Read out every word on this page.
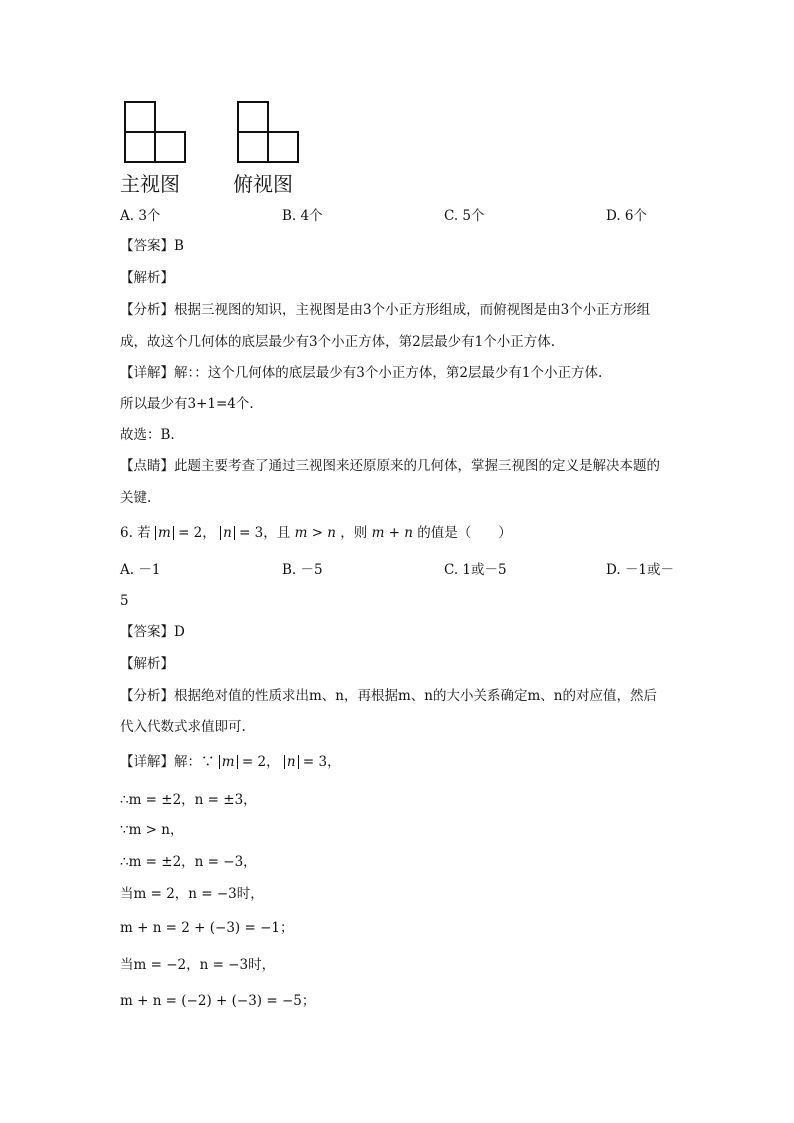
主视图	俯视图
A. 3个	B. 4个	C. 5个	D. 6个
【答案】B
【解析】
【分析】根据三视图的知识，主视图是由3个小正方形组成，而俯视图是由3个小正方形组
成，故这个几何体的底层最少有3个小正方体，第2层最少有1个小正方体.
【详解】解：：这个几何体的底层最少有3个小正方体，第2层最少有1个小正方体.
所以最少有3+1=4个.
故选：B.
【点睛】此题主要考查了通过三视图来还原原来的几何体，掌握三视图的定义是解决本题的
关键.
6. 若 m = 2， n = 3，且 m > n ，则 m + n 的值是（　　）
A. －1	B. －5	C. 1或－5	D. －1或－
5
【答案】D
【解析】
【分析】根据绝对值的性质求出m、n，再根据m、n的大小关系确定m、n的对应值，然后
代入代数式求值即可.
【详解】解：∵ m = 2， n = 3，
∴m = ±2，n = ±3，
∵m > n，
∴m = ±2，n = −3，
当m = 2，n = −3时，
m + n = 2 + (−3) = −1；
当m = −2，n = −3时，
m + n = (−2) + (−3) = −5；
